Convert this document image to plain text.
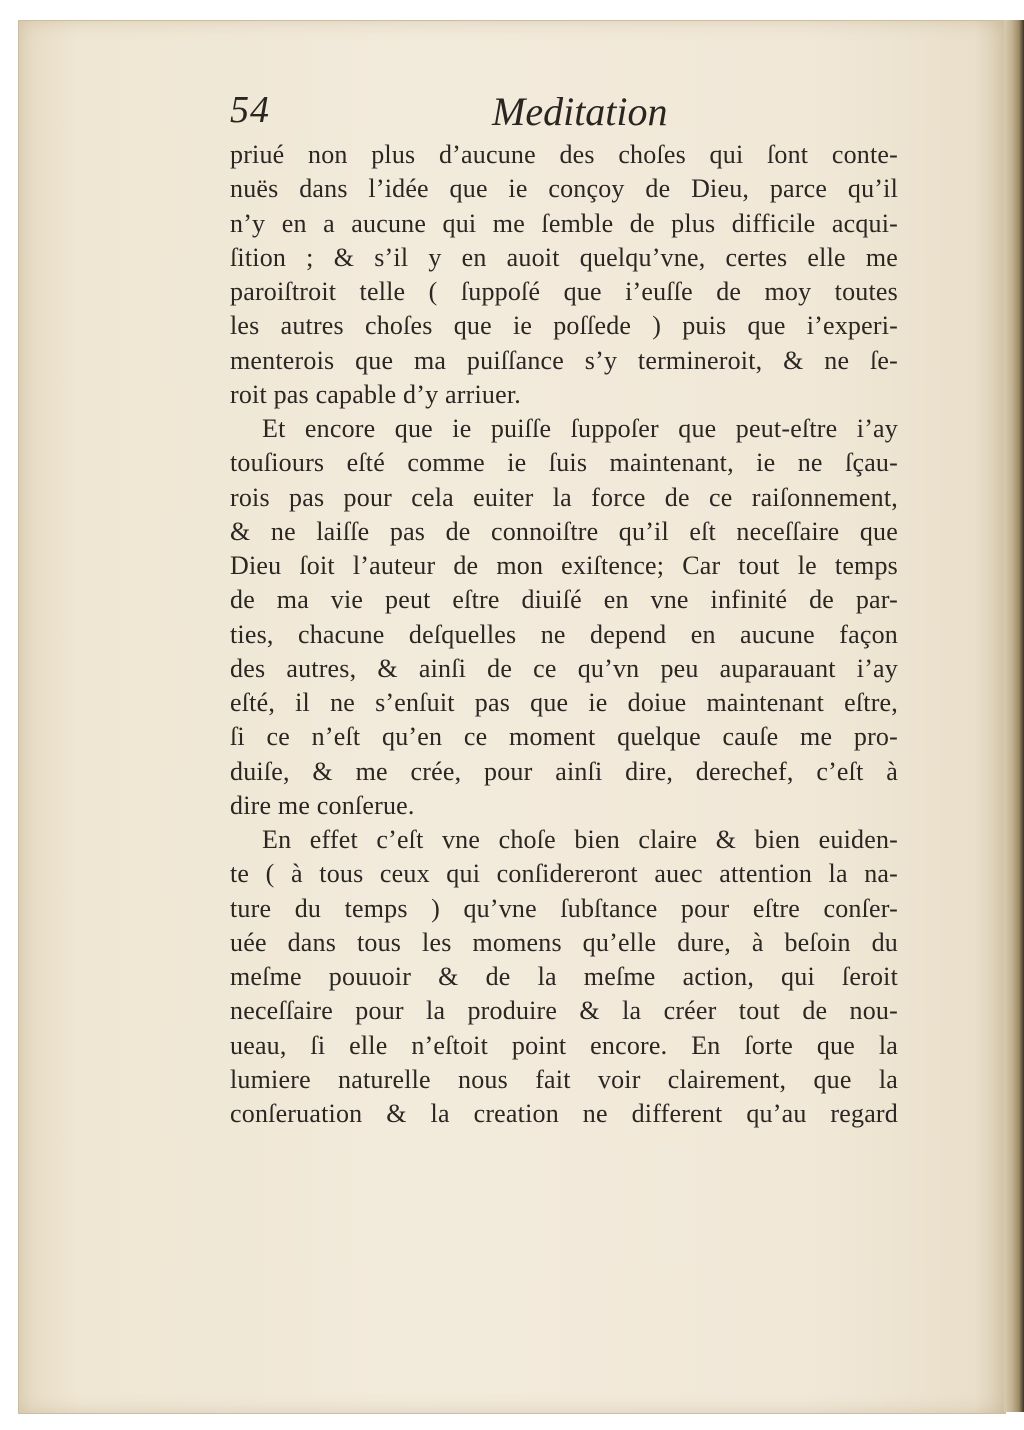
54	Meditation
priué non plus d’aucune des choſes qui ſont conte-
nuës dans l’idée que ie conçoy de Dieu, parce qu’il
n’y en a aucune qui me ſemble de plus difficile acqui-
ſition ; & s’il y en auoit quelqu’vne, certes elle me
paroiſtroit telle ( ſuppoſé que i’euſſe de moy toutes
les autres choſes que ie poſſede ) puis que i’experi-
menterois que ma puiſſance s’y termineroit, & ne ſe-
roit pas capable d’y arriuer.
Et encore que ie puiſſe ſuppoſer que peut-eſtre i’ay
touſiours eſté comme ie ſuis maintenant, ie ne ſçau-
rois pas pour cela euiter la force de ce raiſonnement,
& ne laiſſe pas de connoiſtre qu’il eſt neceſſaire que
Dieu ſoit l’auteur de mon exiſtence; Car tout le temps
de ma vie peut eſtre diuiſé en vne infinité de par-
ties, chacune deſquelles ne depend en aucune façon
des autres, & ainſi de ce qu’vn peu auparauant i’ay
eſté, il ne s’enſuit pas que ie doiue maintenant eſtre,
ſi ce n’eſt qu’en ce moment quelque cauſe me pro-
duiſe, & me crée, pour ainſi dire, derechef, c’eſt à
dire me conſerue.
En effet c’eſt vne choſe bien claire & bien euiden-
te ( à tous ceux qui conſidereront auec attention la na-
ture du temps ) qu’vne ſubſtance pour eſtre conſer-
uée dans tous les momens qu’elle dure, à beſoin du
meſme pouuoir & de la meſme action, qui ſeroit
neceſſaire pour la produire & la créer tout de nou-
ueau, ſi elle n’eſtoit point encore. En ſorte que la
lumiere naturelle nous fait voir clairement, que la
conſeruation & la creation ne different qu’au regard
